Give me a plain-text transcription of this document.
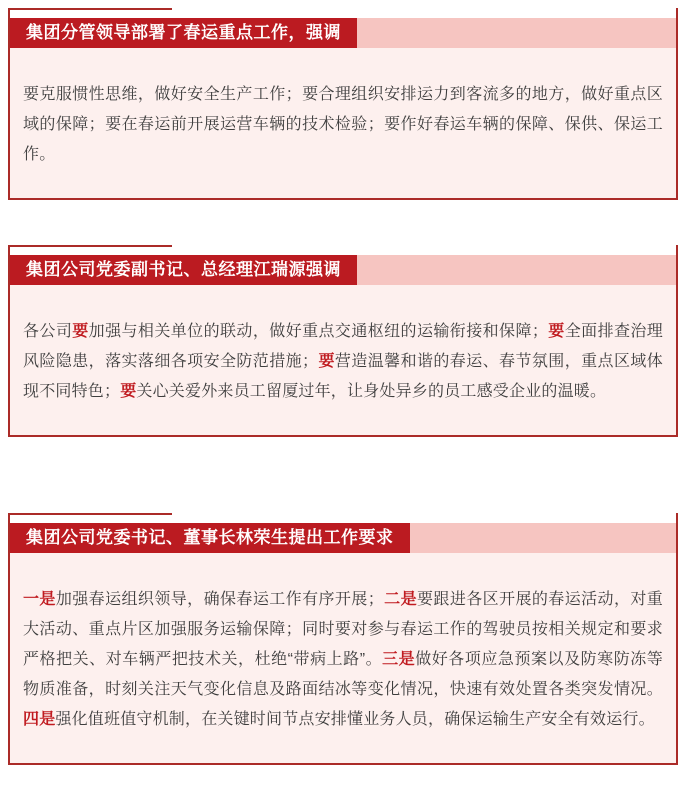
集团分管领导部署了春运重点工作，强调

要克服惯性思维，做好安全生产工作；要合理组织安排运力到客流多的地方，做好重点区域的保障；要在春运前开展运营车辆的技术检验；要作好春运车辆的保障、保供、保运工作。

集团公司党委副书记、总经理江瑞源强调

各公司要加强与相关单位的联动，做好重点交通枢纽的运输衔接和保障；要全面排查治理风险隐患，落实落细各项安全防范措施；要营造温馨和谐的春运、春节氛围，重点区域体现不同特色；要关心关爱外来员工留厦过年，让身处异乡的员工感受企业的温暖。

集团公司党委书记、董事长林荣生提出工作要求

一是加强春运组织领导，确保春运工作有序开展；二是要跟进各区开展的春运活动，对重大活动、重点片区加强服务运输保障；同时要对参与春运工作的驾驶员按相关规定和要求严格把关、对车辆严把技术关，杜绝“带病上路”。三是做好各项应急预案以及防寒防冻等物质准备，时刻关注天气变化信息及路面结冰等变化情况，快速有效处置各类突发情况。四是强化值班值守机制，在关键时间节点安排懂业务人员，确保运输生产安全有效运行。
